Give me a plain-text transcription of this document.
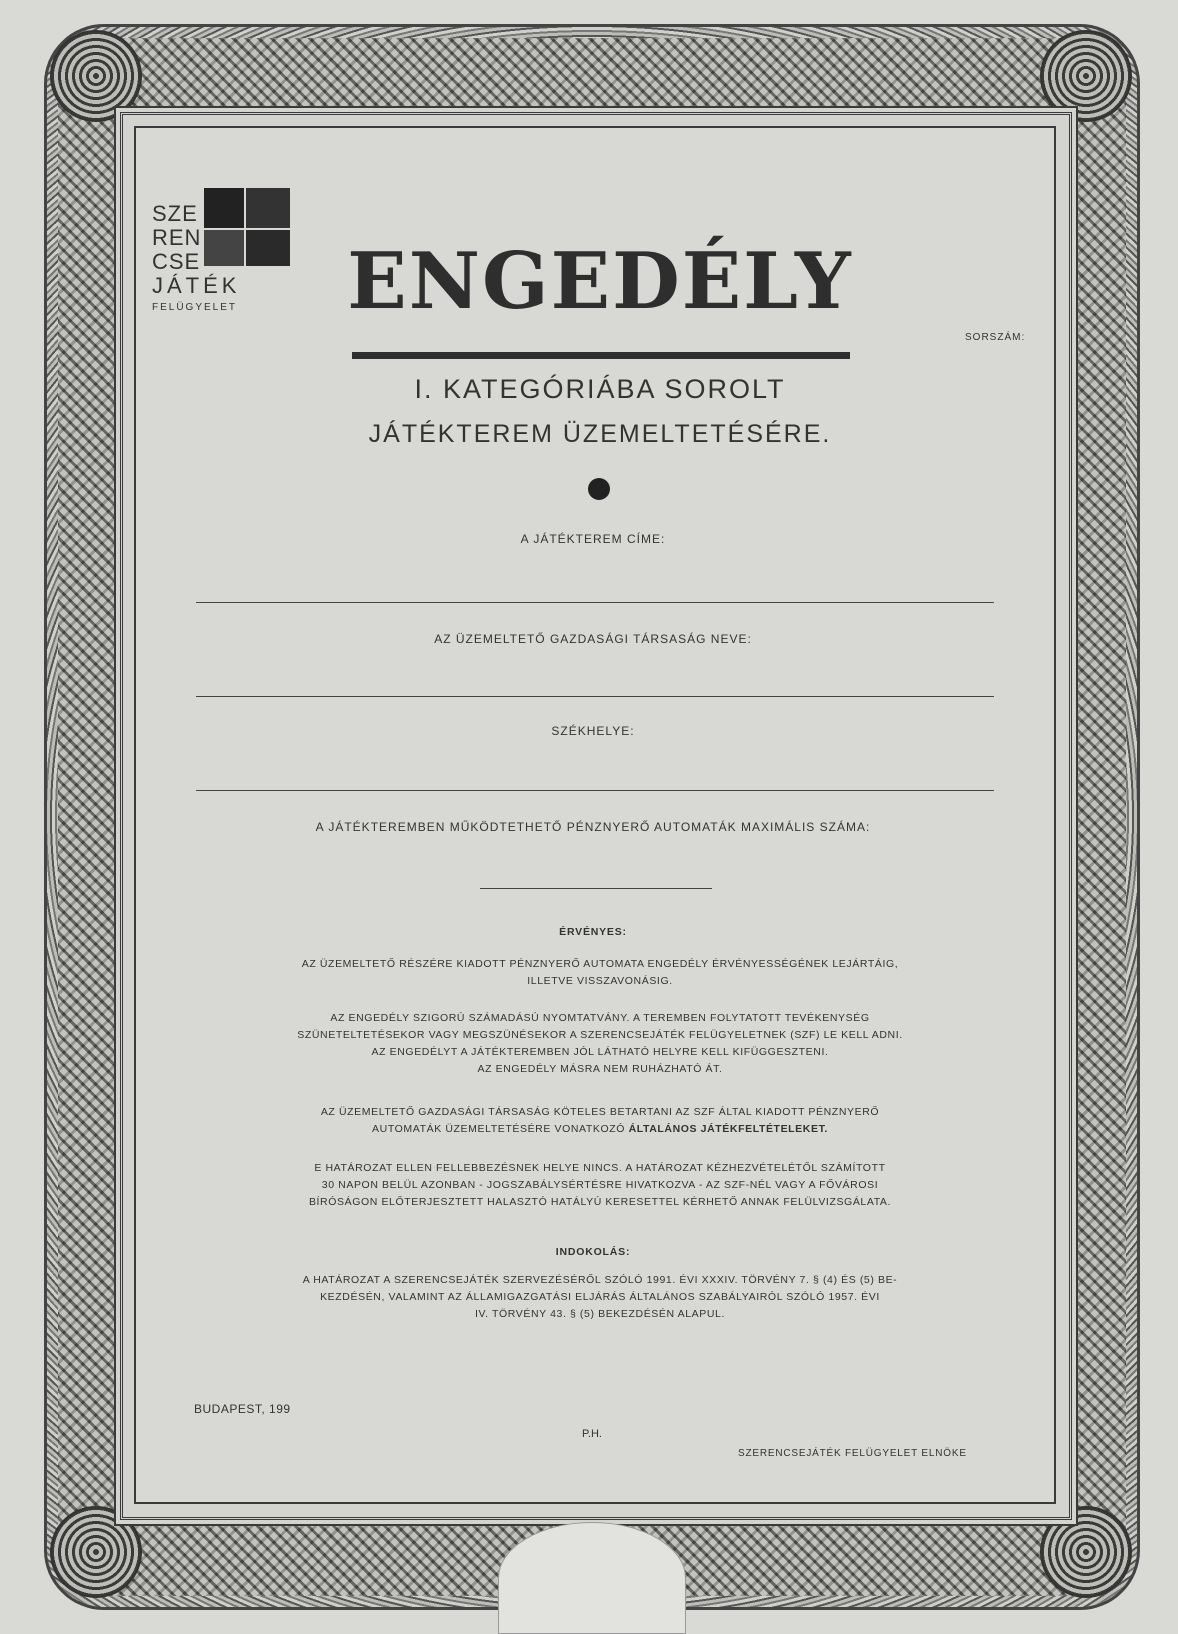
SZE
REN
CSE
JÁTÉK
FELÜGYELET ENGEDÉLY
SORSZÁM:
I. KATEGÓRIÁBA SOROLT
JÁTÉKTEREM ÜZEMELTETÉSÉRE.
A JÁTÉKTEREM CÍME:
AZ ÜZEMELTETŐ GAZDASÁGI TÁRSASÁG NEVE:
SZÉKHELYE:
A JÁTÉKTEREMBEN MŰKÖDTETHETŐ PÉNZNYERŐ AUTOMATÁK MAXIMÁLIS SZÁMA:
ÉRVÉNYES:
AZ ÜZEMELTETŐ RÉSZÉRE KIADOTT PÉNZNYERŐ AUTOMATA ENGEDÉLY ÉRVÉNYESSÉGÉNEK LEJÁRTÁIG,
ILLETVE VISSZAVONÁSIG.
AZ ENGEDÉLY SZIGORÚ SZÁMADÁSÚ NYOMTATVÁNY. A TEREMBEN FOLYTATOTT TEVÉKENYSÉG
SZÜNETELTETÉSEKOR VAGY MEGSZÜNÉSEKOR A SZERENCSEJÁTÉK FELÜGYELETNEK (SZF) LE KELL ADNI.
AZ ENGEDÉLYT A JÁTÉKTEREMBEN JÓL LÁTHATÓ HELYRE KELL KIFÜGGESZTENI.
AZ ENGEDÉLY MÁSRA NEM RUHÁZHATÓ ÁT.
AZ ÜZEMELTETŐ GAZDASÁGI TÁRSASÁG KÖTELES BETARTANI AZ SZF ÁLTAL KIADOTT PÉNZNYERŐ
AUTOMATÁK ÜZEMELTETÉSÉRE VONATKOZÓ ÁLTALÁNOS JÁTÉKFELTÉTELEKET.
E HATÁROZAT ELLEN FELLEBBEZÉSNEK HELYE NINCS. A HATÁROZAT KÉZHEZVÉTELÉTŐL SZÁMÍTOTT
30 NAPON BELÜL AZONBAN - JOGSZABÁLYSÉRTÉSRE HIVATKOZVA - AZ SZF-NÉL VAGY A FŐVÁROSI
BÍRÓSÁGON ELŐTERJESZTETT HALASZTÓ HATÁLYÚ KERESETTEL KÉRHETŐ ANNAK FELÜLVIZSGÁLATA.
INDOKOLÁS:
A HATÁROZAT A SZERENCSEJÁTÉK SZERVEZÉSÉRŐL SZÓLÓ 1991. ÉVI XXXIV. TÖRVÉNY 7. § (4) ÉS (5) BE-
KEZDÉSÉN, VALAMINT AZ ÁLLAMIGAZGATÁSI ELJÁRÁS ÁLTALÁNOS SZABÁLYAIRÓL SZÓLÓ 1957. ÉVI
IV. TÖRVÉNY 43. § (5) BEKEZDÉSÉN ALAPUL.
BUDAPEST, 199
P.H.
SZERENCSEJÁTÉK FELÜGYELET ELNÖKE
